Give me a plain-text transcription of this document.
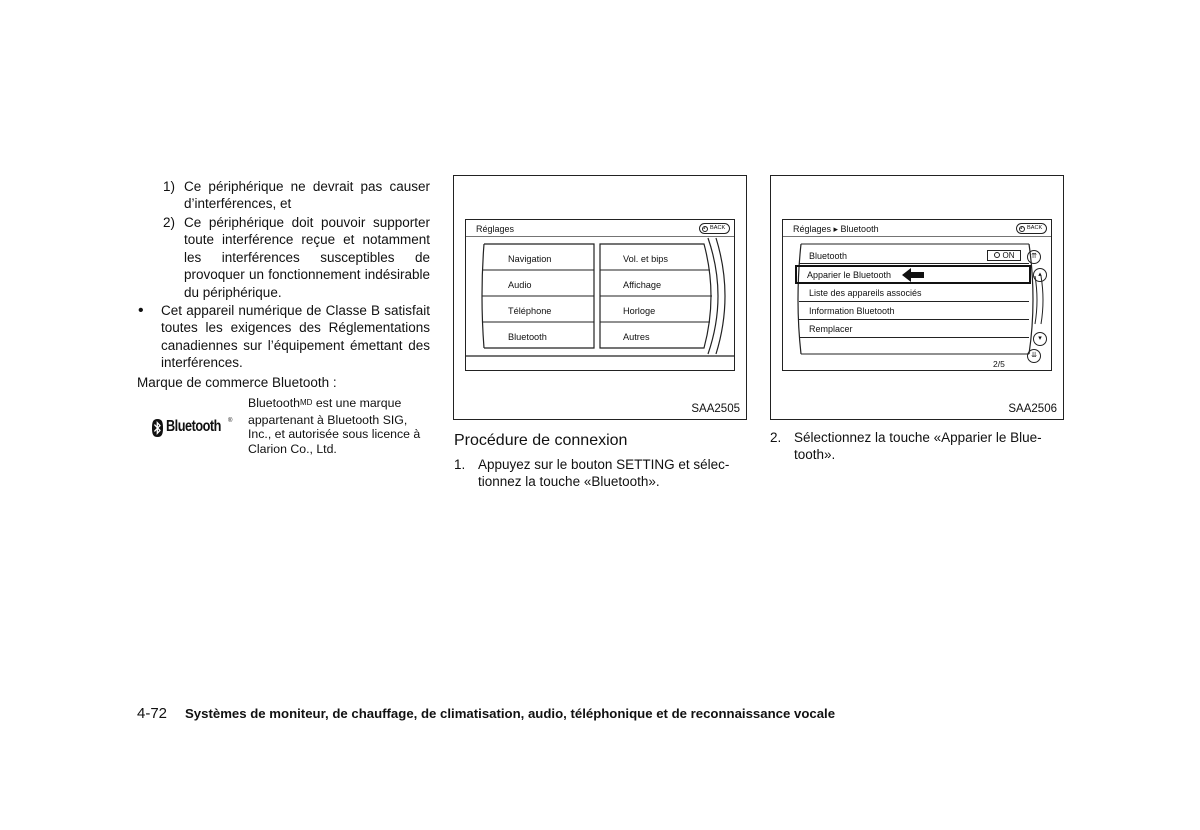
1) Ce périphérique ne devrait pas causer d’interférences, et
2) Ce périphérique doit pouvoir supporter toute interférence reçue et notamment les interférences susceptibles de provoquer un fonctionnement indésirable du périphérique.
• Cet appareil numérique de Classe B satisfait toutes les exigences des Réglementations canadiennes sur l’équipement émettant des interférences.
Marque de commerce Bluetooth :
Bluetooth ®
Bluetooth$^{MD}$ est une marque
appartenant à Bluetooth SIG,
Inc., et autorisée sous licence à
Clarion Co., Ltd.
Réglages	↶ BACK
Navigation
Audio
Téléphone
Bluetooth
Vol. et bips
Affichage
Horloge
Autres
SAA2505
Réglages ▸ Bluetooth	↶ BACK
Bluetooth	ON
Apparier le Bluetooth
Liste des appareils associés
Information Bluetooth
Remplacer
2/5
⇈
▴
▾
⇊
SAA2506
Procédure de connexion
1. Appuyez sur le bouton SETTING et sélec-
tionnez la touche «Bluetooth».
2. Sélectionnez la touche «Apparier le Blue-
tooth».
4-72 Systèmes de moniteur, de chauffage, de climatisation, audio, téléphonique et de reconnaissance vocale
